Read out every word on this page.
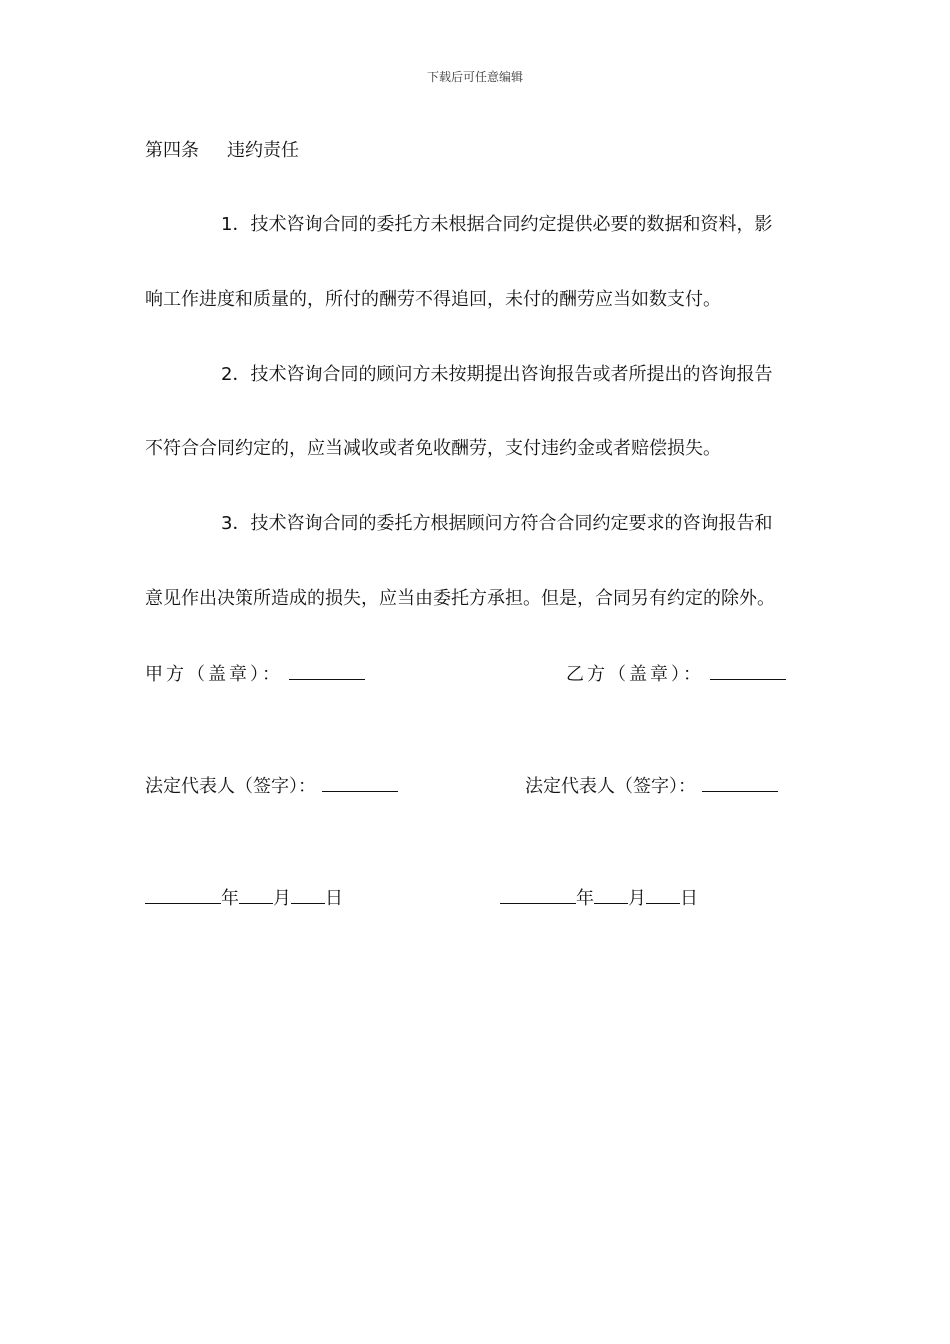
下载后可任意编辑
第四条 违约责任
1．技术咨询合同的委托方未根据合同约定提供必要的数据和资料，影
响工作进度和质量的，所付的酬劳不得追回，未付的酬劳应当如数支付。
2．技术咨询合同的顾问方未按期提出咨询报告或者所提出的咨询报告
不符合合同约定的，应当减收或者免收酬劳，支付违约金或者赔偿损失。
3．技术咨询合同的委托方根据顾问方符合合同约定要求的咨询报告和
意见作出决策所造成的损失，应当由委托方承担。但是，合同另有约定的除外。
甲方（盖章）：	乙方（盖章）：
法定代表人（签字）：	法定代表人（签字）：
年 月 日	年 月 日
